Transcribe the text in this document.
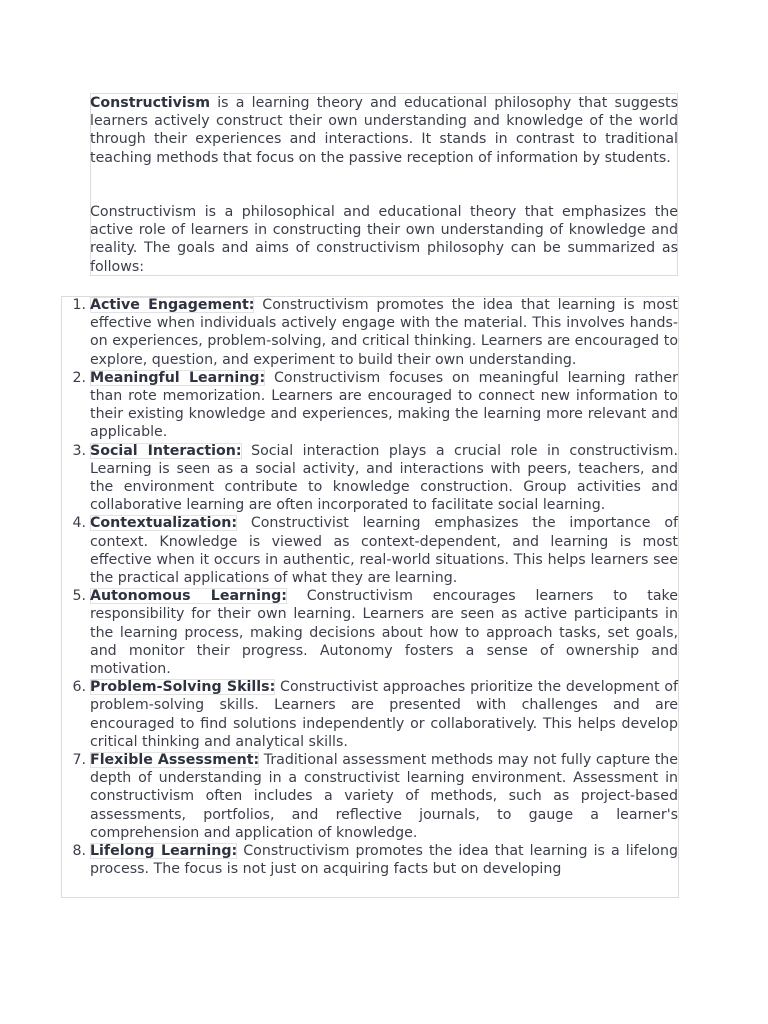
Constructivism is a learning theory and educational philosophy that suggests learners actively construct their own understanding and knowledge of the world through their experiences and interactions. It stands in contrast to traditional teaching methods that focus on the passive reception of information by students.

Constructivism is a philosophical and educational theory that emphasizes the active role of learners in constructing their own understanding of knowledge and reality. The goals and aims of constructivism philosophy can be summarized as follows:

1. Active Engagement: Constructivism promotes the idea that learning is most effective when individuals actively engage with the material. This involves hands-on experiences, problem-solving, and critical thinking. Learners are encouraged to explore, question, and experiment to build their own understanding.
2. Meaningful Learning: Constructivism focuses on meaningful learning rather than rote memorization. Learners are encouraged to connect new information to their existing knowledge and experiences, making the learning more relevant and applicable.
3. Social Interaction: Social interaction plays a crucial role in constructivism. Learning is seen as a social activity, and interactions with peers, teachers, and the environment contribute to knowledge construction. Group activities and collaborative learning are often incorporated to facilitate social learning.
4. Contextualization: Constructivist learning emphasizes the importance of context. Knowledge is viewed as context-dependent, and learning is most effective when it occurs in authentic, real-world situations. This helps learners see the practical applications of what they are learning.
5. Autonomous Learning: Constructivism encourages learners to take responsibility for their own learning. Learners are seen as active participants in the learning process, making decisions about how to approach tasks, set goals, and monitor their progress. Autonomy fosters a sense of ownership and motivation.
6. Problem-Solving Skills: Constructivist approaches prioritize the development of problem-solving skills. Learners are presented with challenges and are encouraged to find solutions independently or collaboratively. This helps develop critical thinking and analytical skills.
7. Flexible Assessment: Traditional assessment methods may not fully capture the depth of understanding in a constructivist learning environment. Assessment in constructivism often includes a variety of methods, such as project-based assessments, portfolios, and reflective journals, to gauge a learner's comprehension and application of knowledge.
8. Lifelong Learning: Constructivism promotes the idea that learning is a lifelong process. The focus is not just on acquiring facts but on developing
